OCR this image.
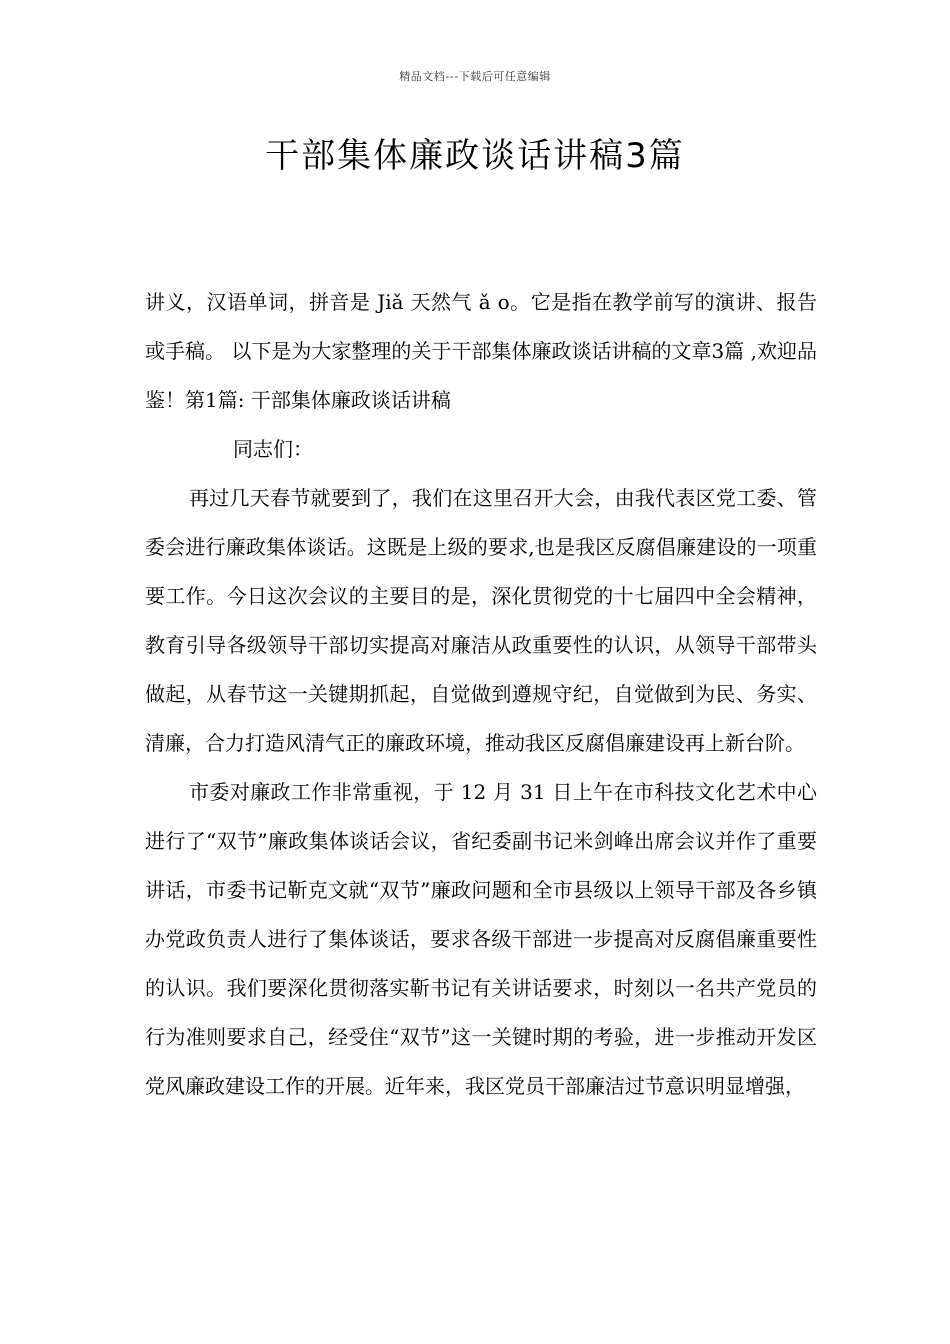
精品文档---下载后可任意编辑
干部集体廉政谈话讲稿3篇

讲义，汉语单词，拼音是 Jiǎ 天然气 ǎ o。它是指在教学前写的演讲、报告或手稿。 以下是为大家整理的关于干部集体廉政谈话讲稿的文章3篇 ,欢迎品鉴！第1篇: 干部集体廉政谈话讲稿

同志们：

再过几天春节就要到了，我们在这里召开大会，由我代表区党工委、管委会进行廉政集体谈话。这既是上级的要求,也是我区反腐倡廉建设的一项重要工作。今日这次会议的主要目的是，深化贯彻党的十七届四中全会精神，教育引导各级领导干部切实提高对廉洁从政重要性的认识，从领导干部带头做起，从春节这一关键期抓起，自觉做到遵规守纪，自觉做到为民、务实、清廉，合力打造风清气正的廉政环境，推动我区反腐倡廉建设再上新台阶。

市委对廉政工作非常重视，于 12 月 31 日上午在市科技文化艺术中心进行了“双节”廉政集体谈话会议，省纪委副书记米剑峰出席会议并作了重要讲话，市委书记靳克文就“双节”廉政问题和全市县级以上领导干部及各乡镇办党政负责人进行了集体谈话，要求各级干部进一步提高对反腐倡廉重要性的认识。我们要深化贯彻落实靳书记有关讲话要求，时刻以一名共产党员的行为准则要求自己，经受住“双节”这一关键时期的考验，进一步推动开发区党风廉政建设工作的开展。近年来，我区党员干部廉洁过节意识明显增强，
